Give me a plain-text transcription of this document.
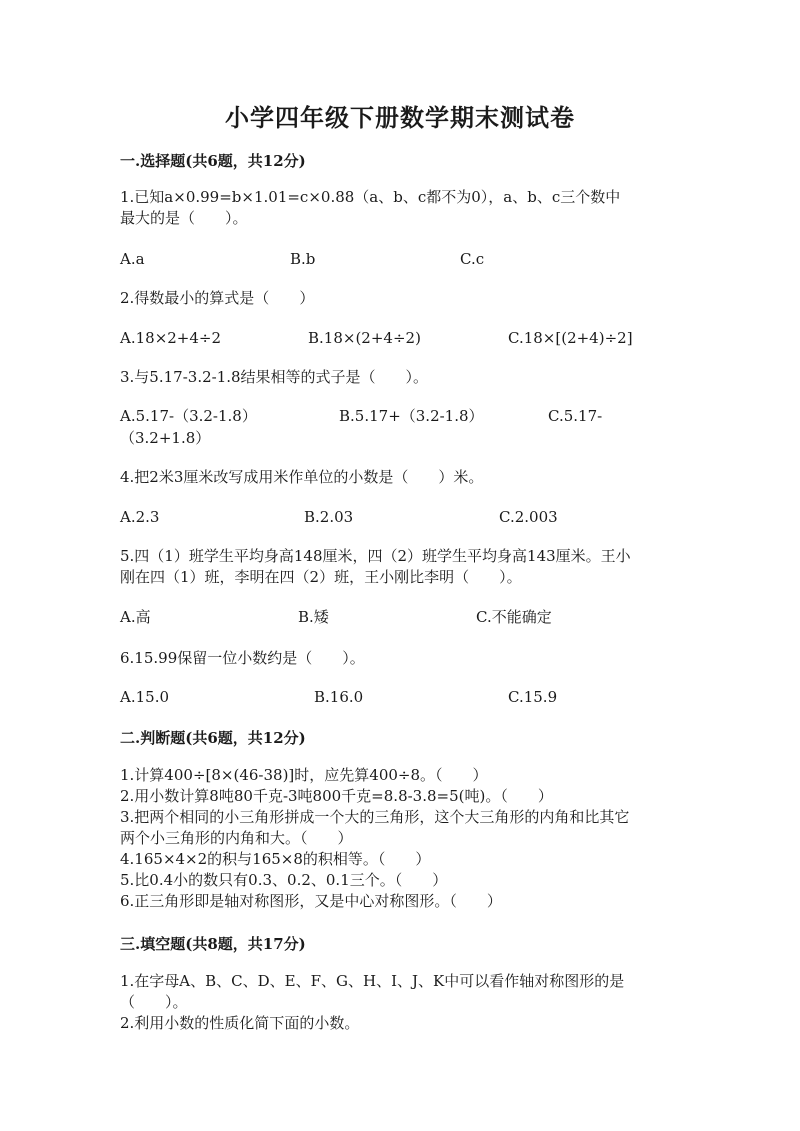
小学四年级下册数学期末测试卷
一.选择题(共6题，共12分)
1.已知a×0.99=b×1.01=c×0.88（a、b、c都不为0），a、b、c三个数中
最大的是（　　）。
A.a	B.b	C.c
2.得数最小的算式是（　　）
A.18×2+4÷2	B.18×(2+4÷2)	C.18×[(2+4)÷2]
3.与5.17-3.2-1.8结果相等的式子是（　　）。
A.5.17-（3.2-1.8）	B.5.17+（3.2-1.8）	C.5.17-
（3.2+1.8）
4.把2米3厘米改写成用米作单位的小数是（　　）米。
A.2.3	B.2.03	C.2.003
5.四（1）班学生平均身高148厘米，四（2）班学生平均身高143厘米。王小
刚在四（1）班，李明在四（2）班，王小刚比李明（　　）。
A.高	B.矮	C.不能确定
6.15.99保留一位小数约是（　　）。
A.15.0	B.16.0	C.15.9
二.判断题(共6题，共12分)
1.计算400÷[8×(46-38)]时，应先算400÷8。（　　）
2.用小数计算8吨80千克-3吨800千克=8.8-3.8=5(吨)。（　　）
3.把两个相同的小三角形拼成一个大的三角形，这个大三角形的内角和比其它
两个小三角形的内角和大。（　　）
4.165×4×2的积与165×8的积相等。（　　）
5.比0.4小的数只有0.3、0.2、0.1三个。（　　）
6.正三角形即是轴对称图形，又是中心对称图形。（　　）
三.填空题(共8题，共17分)
1.在字母A、B、C、D、E、F、G、H、I、J、K中可以看作轴对称图形的是
（　　）。
2.利用小数的性质化简下面的小数。
